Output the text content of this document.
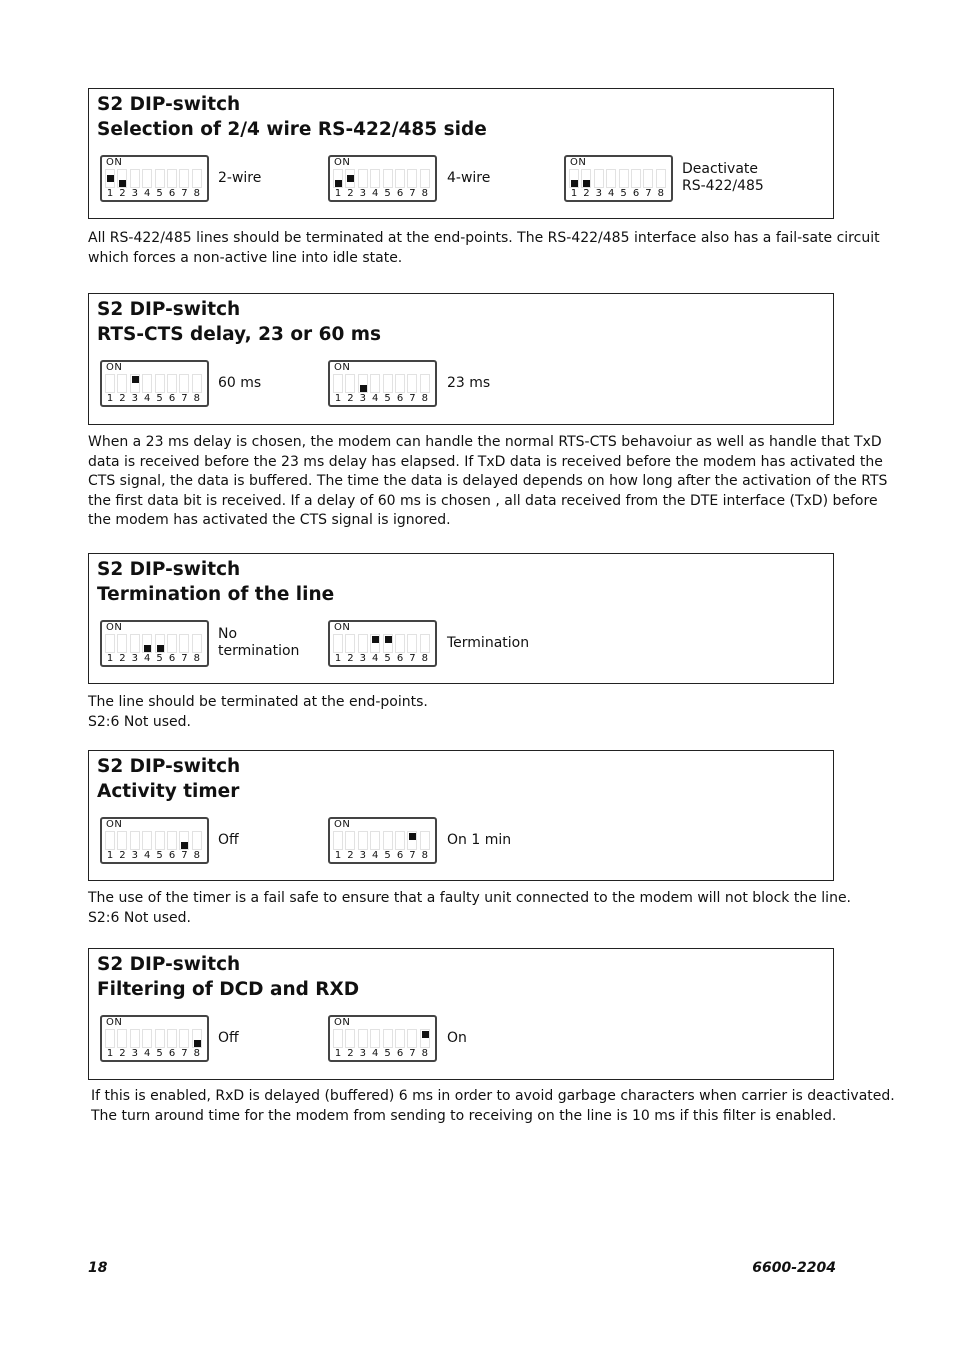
S2 DIP-switch
Selection of 2/4 wire RS-422/485 side
ON
1 2 3 4 5 6 7 8
2-wire
ON
1 2 3 4 5 6 7 8
4-wire
ON
1 2 3 4 5 6 7 8
Deactivate
RS-422/485
All RS-422/485 lines should be terminated at the end-points. The RS-422/485 interface also has a fail-sate circuit
which forces a non-active line into idle state.
S2 DIP-switch
RTS-CTS delay, 23 or 60 ms
ON
1 2 3 4 5 6 7 8
60 ms
ON
1 2 3 4 5 6 7 8
23 ms
When a 23 ms delay is chosen, the modem can handle the normal RTS-CTS behavoiur as well as handle that TxD
data is received before the 23 ms delay has elapsed. If TxD data is received before the modem has activated the
CTS signal, the data is buffered. The time the data is delayed depends on how long after the activation of the RTS
the first data bit is received. If a delay of 60 ms is chosen , all data received from the DTE interface (TxD) before
the modem has activated the CTS signal is ignored.
S2 DIP-switch
Termination of the line
ON
1 2 3 4 5 6 7 8
No
termination
ON
1 2 3 4 5 6 7 8
Termination
The line should be terminated at the end-points.
S2:6 Not used.
S2 DIP-switch
Activity timer
ON
1 2 3 4 5 6 7 8
Off
ON
1 2 3 4 5 6 7 8
On 1 min
The use of the timer is a fail safe to ensure that a faulty unit connected to the modem will not block the line.
S2:6 Not used.
S2 DIP-switch
Filtering of DCD and RXD
ON
1 2 3 4 5 6 7 8
Off
ON
1 2 3 4 5 6 7 8
On
If this is enabled, RxD is delayed (buffered) 6 ms in order to avoid garbage characters when carrier is deactivated.
The turn around time for the modem from sending to receiving on the line is 10 ms if this filter is enabled.
18	6600-2204
